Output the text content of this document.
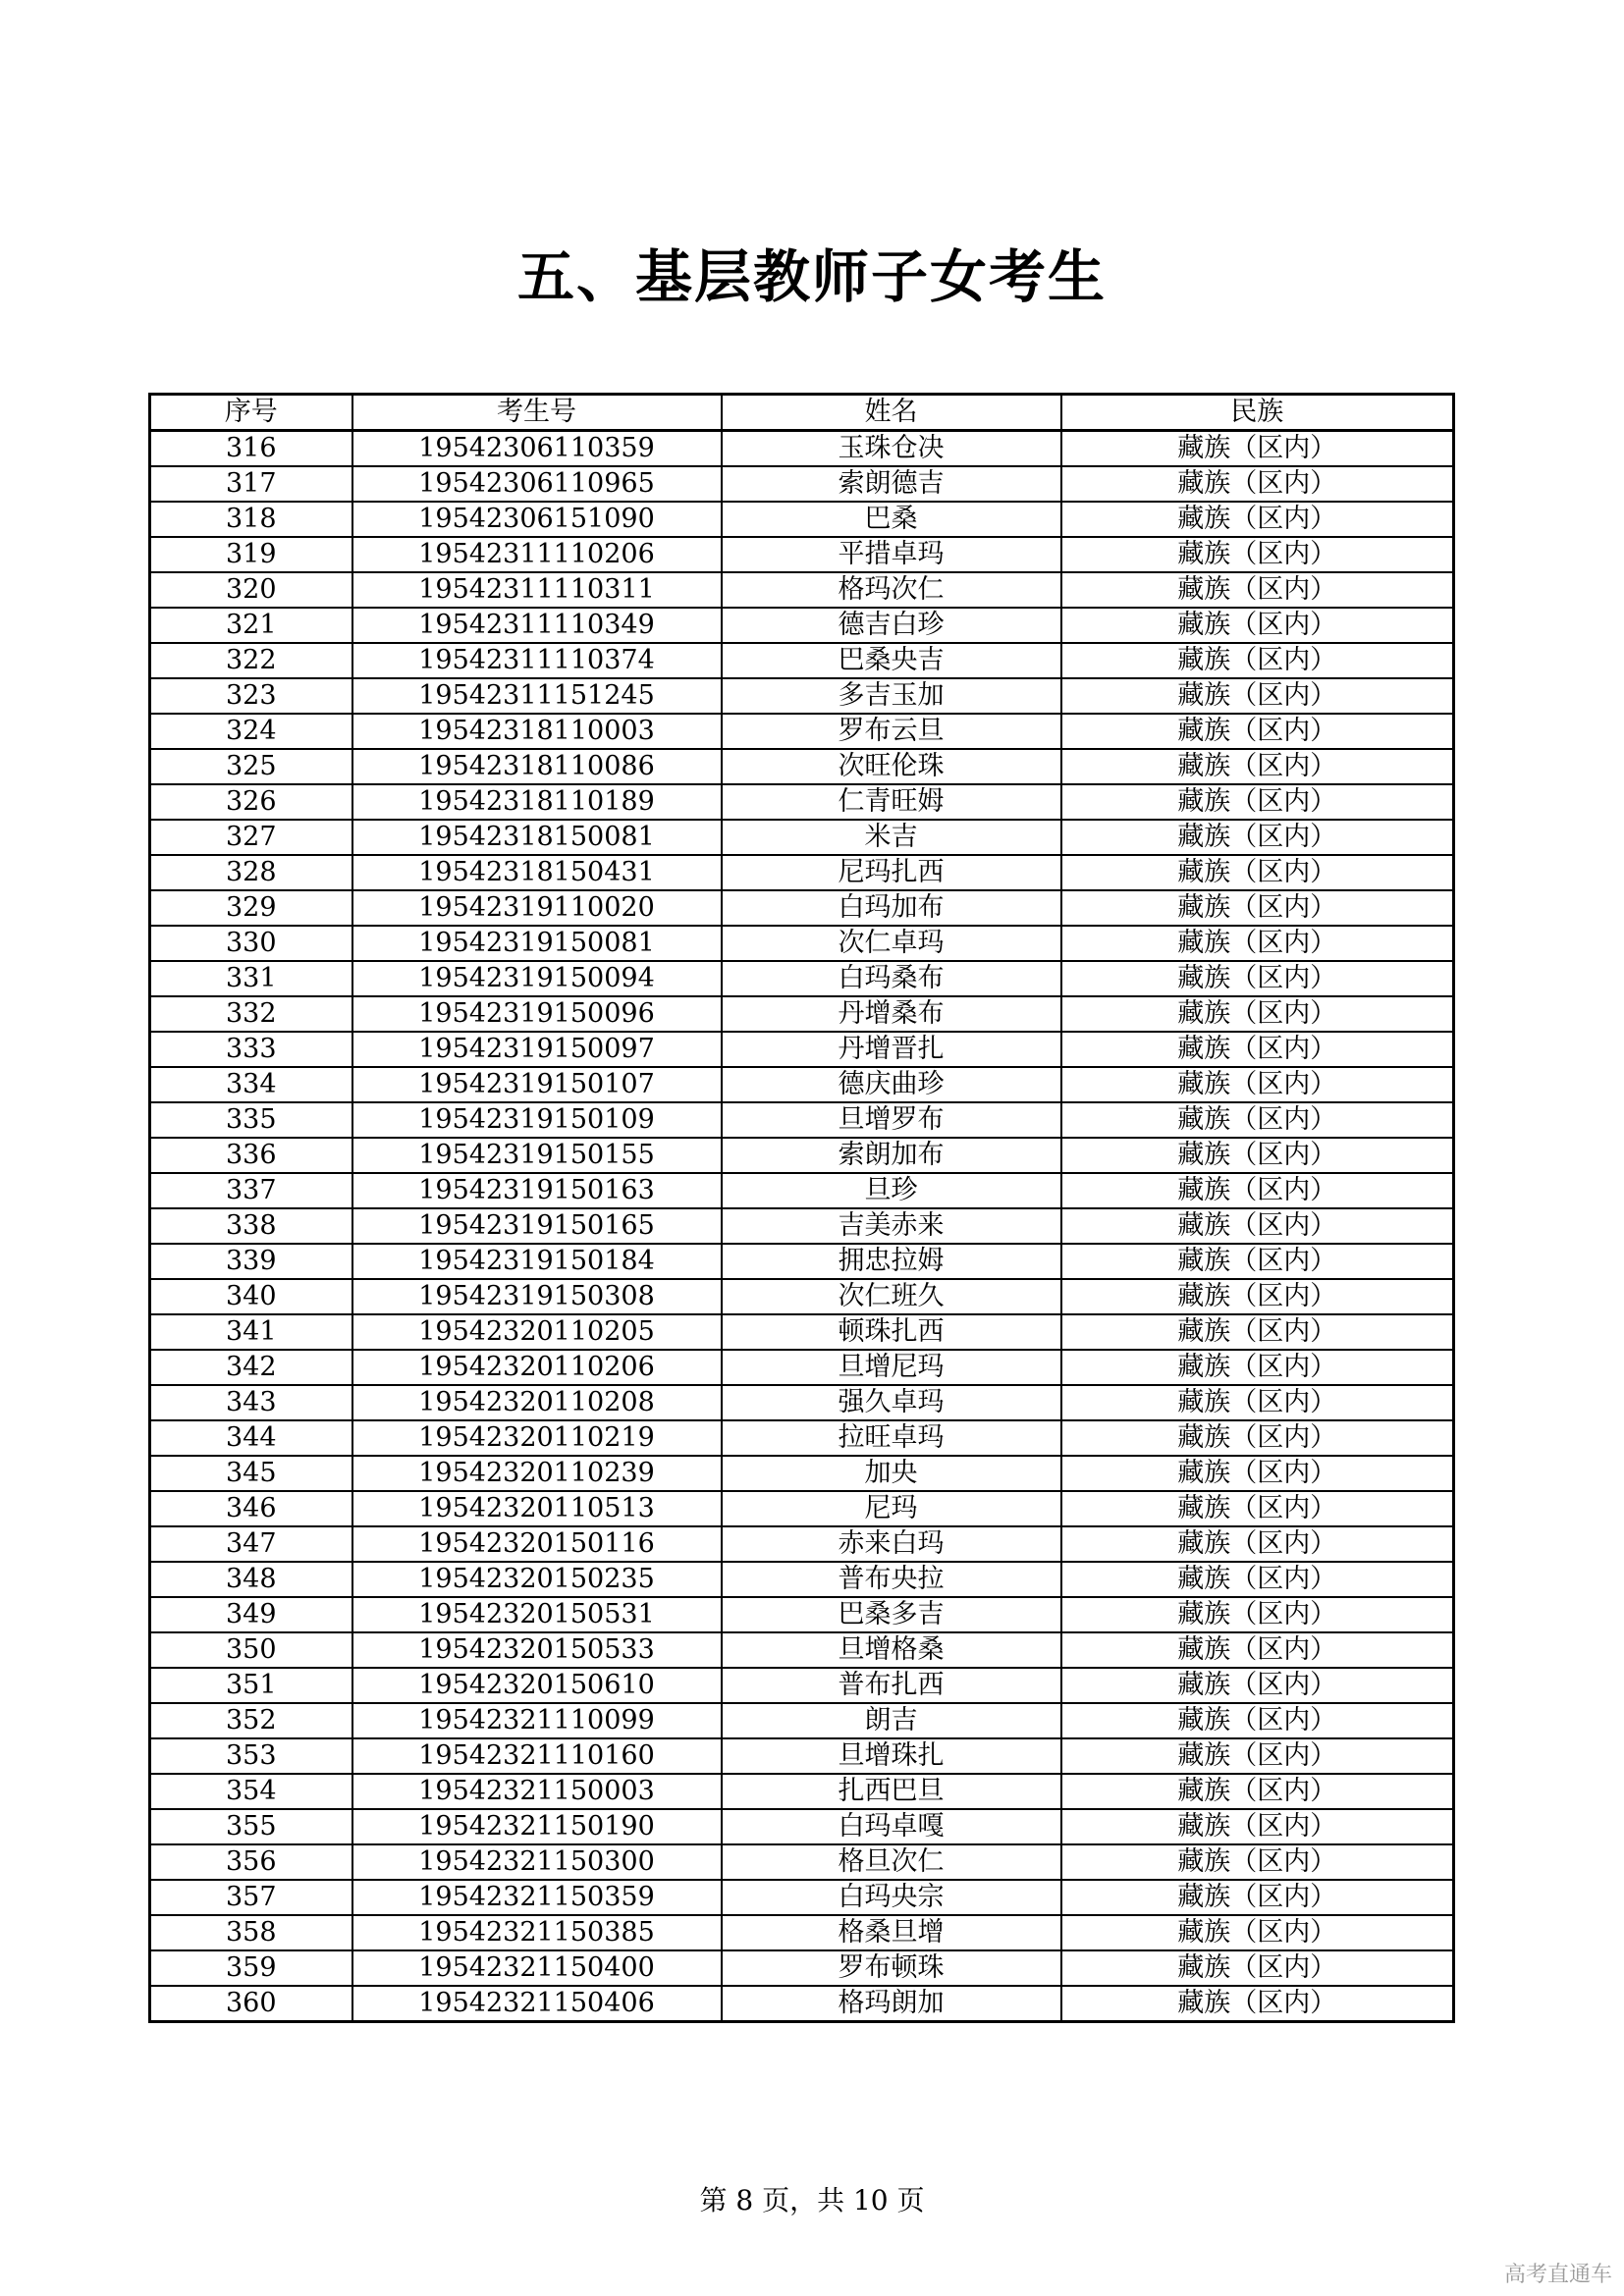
五、基层教师子女考生
序号	考生号	姓名	民族
316	19542306110359	玉珠仓决	藏族（区内）
317	19542306110965	索朗德吉	藏族（区内）
318	19542306151090	巴桑	藏族（区内）
319	19542311110206	平措卓玛	藏族（区内）
320	19542311110311	格玛次仁	藏族（区内）
321	19542311110349	德吉白珍	藏族（区内）
322	19542311110374	巴桑央吉	藏族（区内）
323	19542311151245	多吉玉加	藏族（区内）
324	19542318110003	罗布云旦	藏族（区内）
325	19542318110086	次旺伦珠	藏族（区内）
326	19542318110189	仁青旺姆	藏族（区内）
327	19542318150081	米吉	藏族（区内）
328	19542318150431	尼玛扎西	藏族（区内）
329	19542319110020	白玛加布	藏族（区内）
330	19542319150081	次仁卓玛	藏族（区内）
331	19542319150094	白玛桑布	藏族（区内）
332	19542319150096	丹增桑布	藏族（区内）
333	19542319150097	丹增晋扎	藏族（区内）
334	19542319150107	德庆曲珍	藏族（区内）
335	19542319150109	旦增罗布	藏族（区内）
336	19542319150155	索朗加布	藏族（区内）
337	19542319150163	旦珍	藏族（区内）
338	19542319150165	吉美赤来	藏族（区内）
339	19542319150184	拥忠拉姆	藏族（区内）
340	19542319150308	次仁班久	藏族（区内）
341	19542320110205	顿珠扎西	藏族（区内）
342	19542320110206	旦增尼玛	藏族（区内）
343	19542320110208	强久卓玛	藏族（区内）
344	19542320110219	拉旺卓玛	藏族（区内）
345	19542320110239	加央	藏族（区内）
346	19542320110513	尼玛	藏族（区内）
347	19542320150116	赤来白玛	藏族（区内）
348	19542320150235	普布央拉	藏族（区内）
349	19542320150531	巴桑多吉	藏族（区内）
350	19542320150533	旦增格桑	藏族（区内）
351	19542320150610	普布扎西	藏族（区内）
352	19542321110099	朗吉	藏族（区内）
353	19542321110160	旦增珠扎	藏族（区内）
354	19542321150003	扎西巴旦	藏族（区内）
355	19542321150190	白玛卓嘎	藏族（区内）
356	19542321150300	格旦次仁	藏族（区内）
357	19542321150359	白玛央宗	藏族（区内）
358	19542321150385	格桑旦增	藏族（区内）
359	19542321150400	罗布顿珠	藏族（区内）
360	19542321150406	格玛朗加	藏族（区内）
第 8 页，共 10 页
高考直通车
